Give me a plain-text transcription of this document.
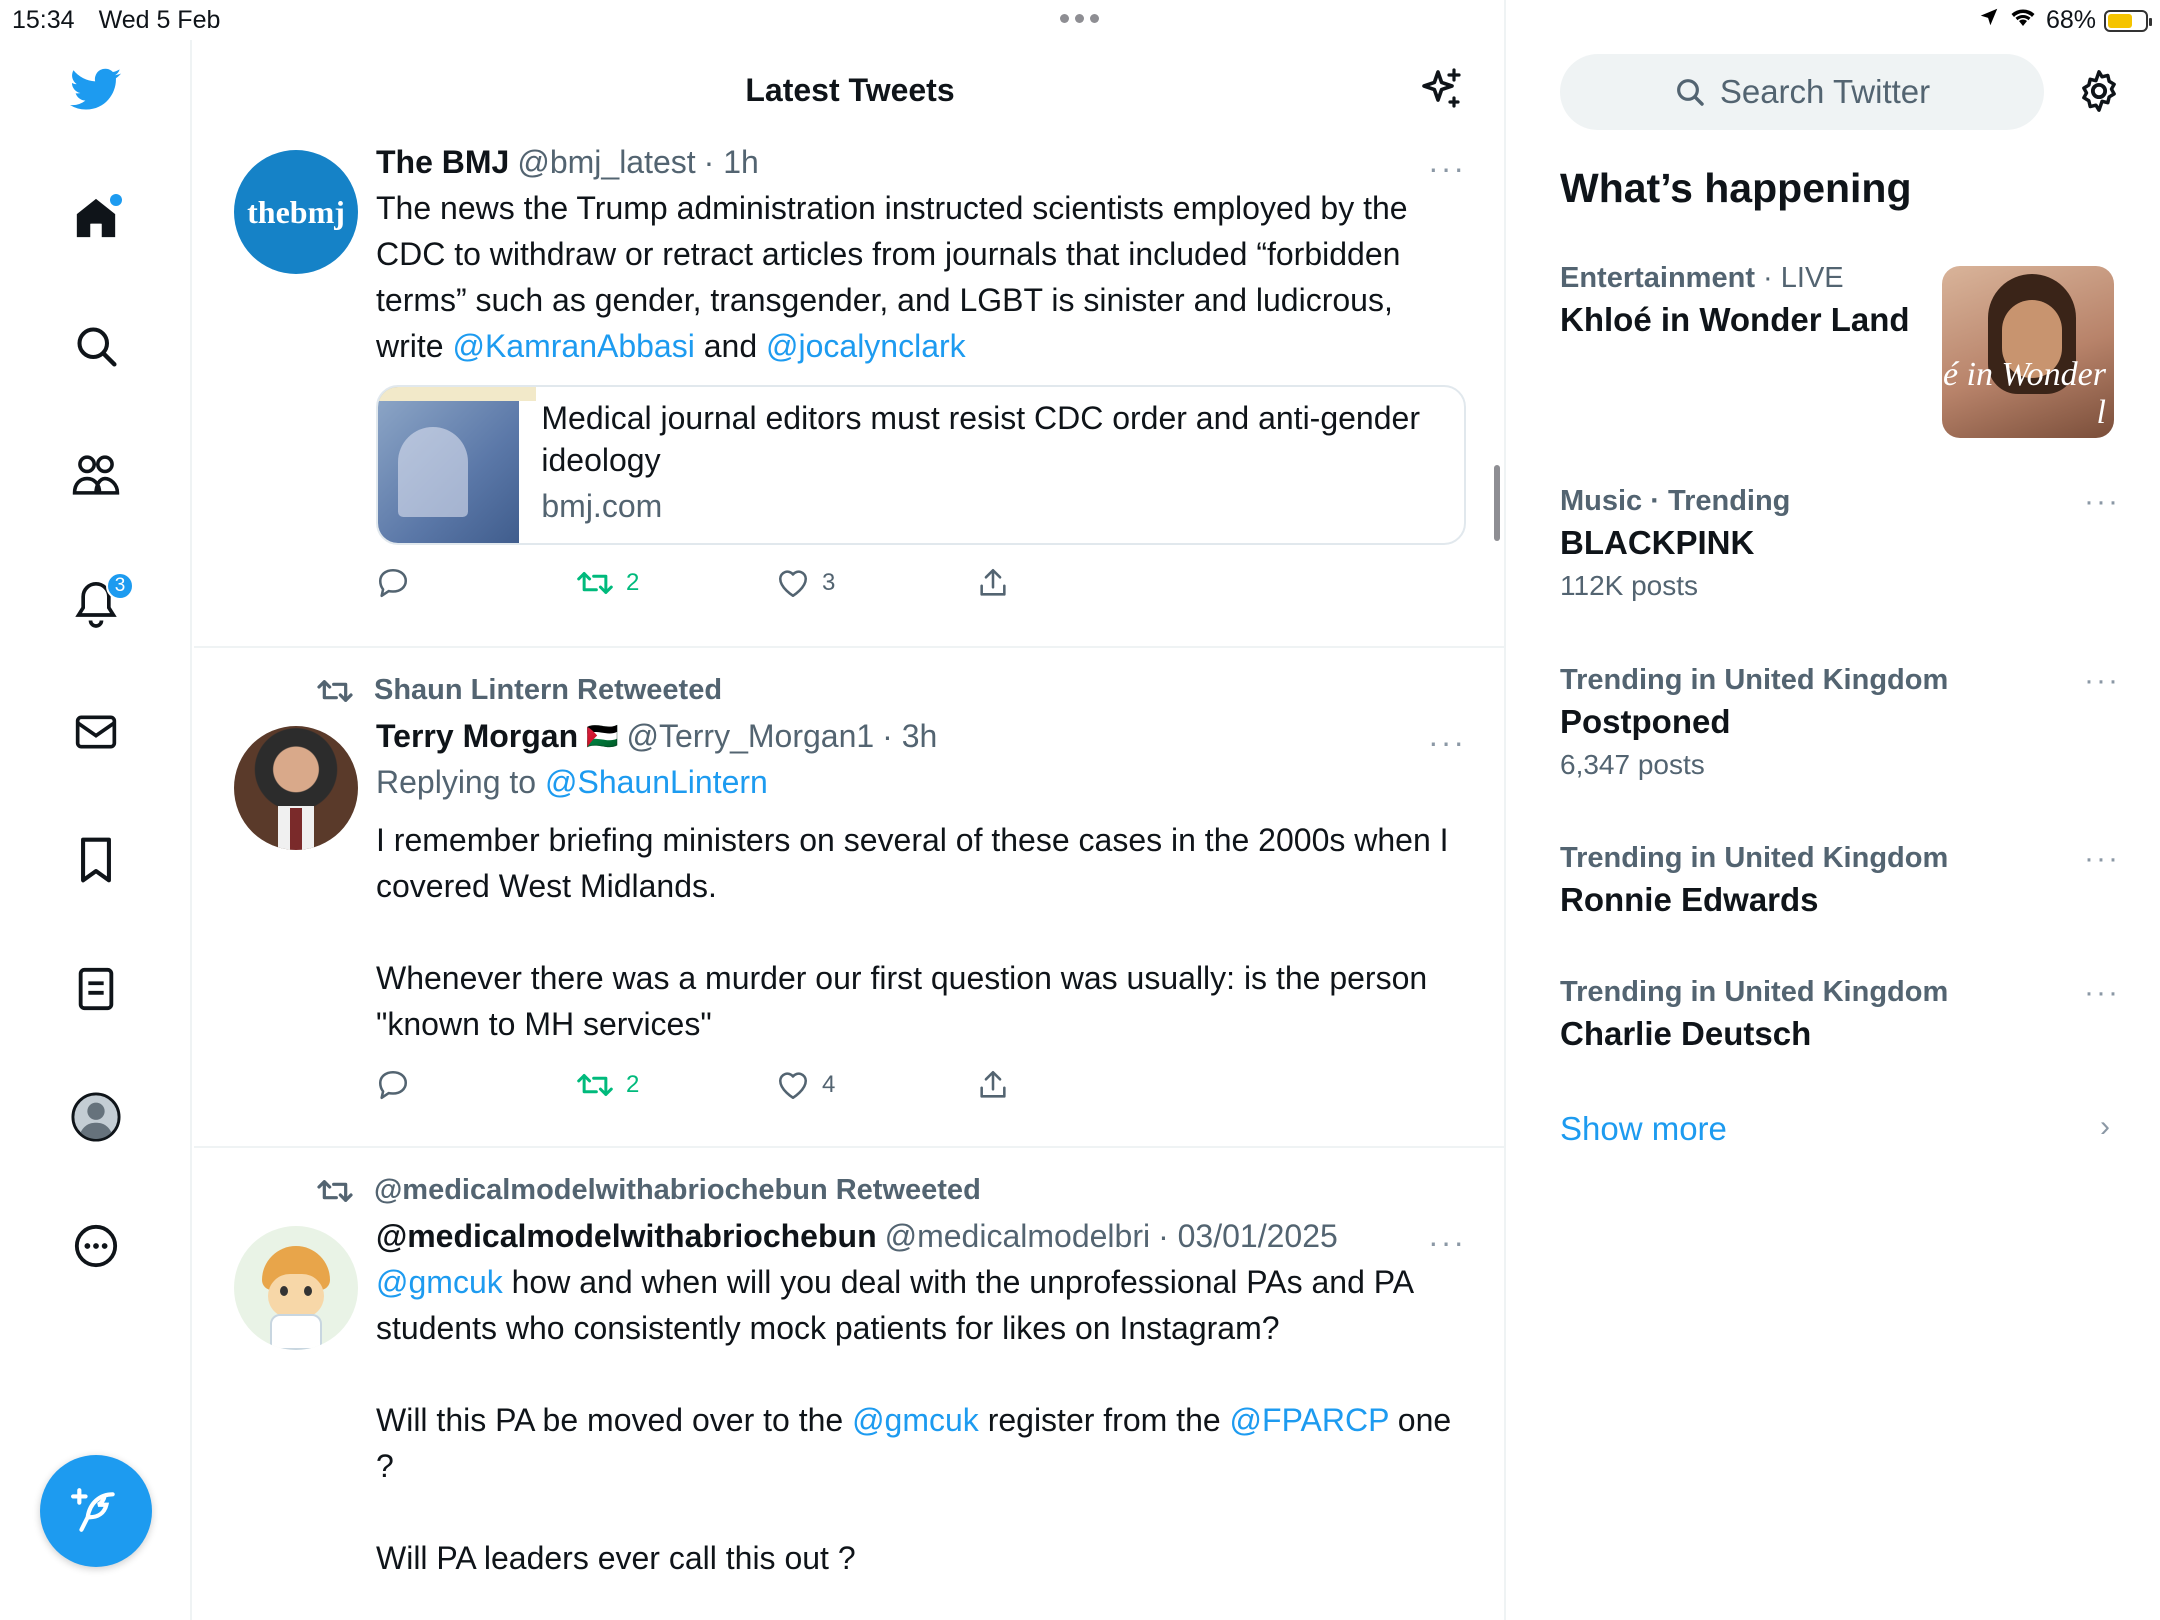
15:34 Wed 5 Feb	68%
3
Latest Tweets
thebmj
The BMJ @bmj_latest · 1h	···
The news the Trump administration instructed scientists employed by the CDC to withdraw or retract articles from journals that included “forbidden terms” such as gender, transgender, and LGBT is sinister and ludicrous, write @KamranAbbasi and @jocalynclark
Medical journal editors must resist CDC order and anti-gender ideology
bmj.com
2	3
Shaun Lintern Retweeted
Terry Morgan 🇵🇸 @Terry_Morgan1 · 3h	···
Replying to @ShaunLintern
I remember briefing ministers on several of these cases in the 2000s when I covered West Midlands.
Whenever there was a murder our first question was usually: is the person "known to MH services"
2	4
@medicalmodelwithabriochebun Retweeted
@medicalmodelwithabriochebun @medicalmodelbri · 03/01/2025	···
@gmcuk how and when will you deal with the unprofessional PAs and PA students who consistently mock patients for likes on Instagram?
Will this PA be moved over to the @gmcuk register from the @FPARCP one ?
Will PA leaders ever call this out ?
Search Twitter
What’s happening
Entertainment · LIVE
Khloé in Wonder Land
Music · Trending
BLACKPINK
112K posts
···
Trending in United Kingdom
Postponed
6,347 posts
···
Trending in United Kingdom
Ronnie Edwards
···
Trending in United Kingdom
Charlie Deutsch
···
Show more	›
é in Wonder l
